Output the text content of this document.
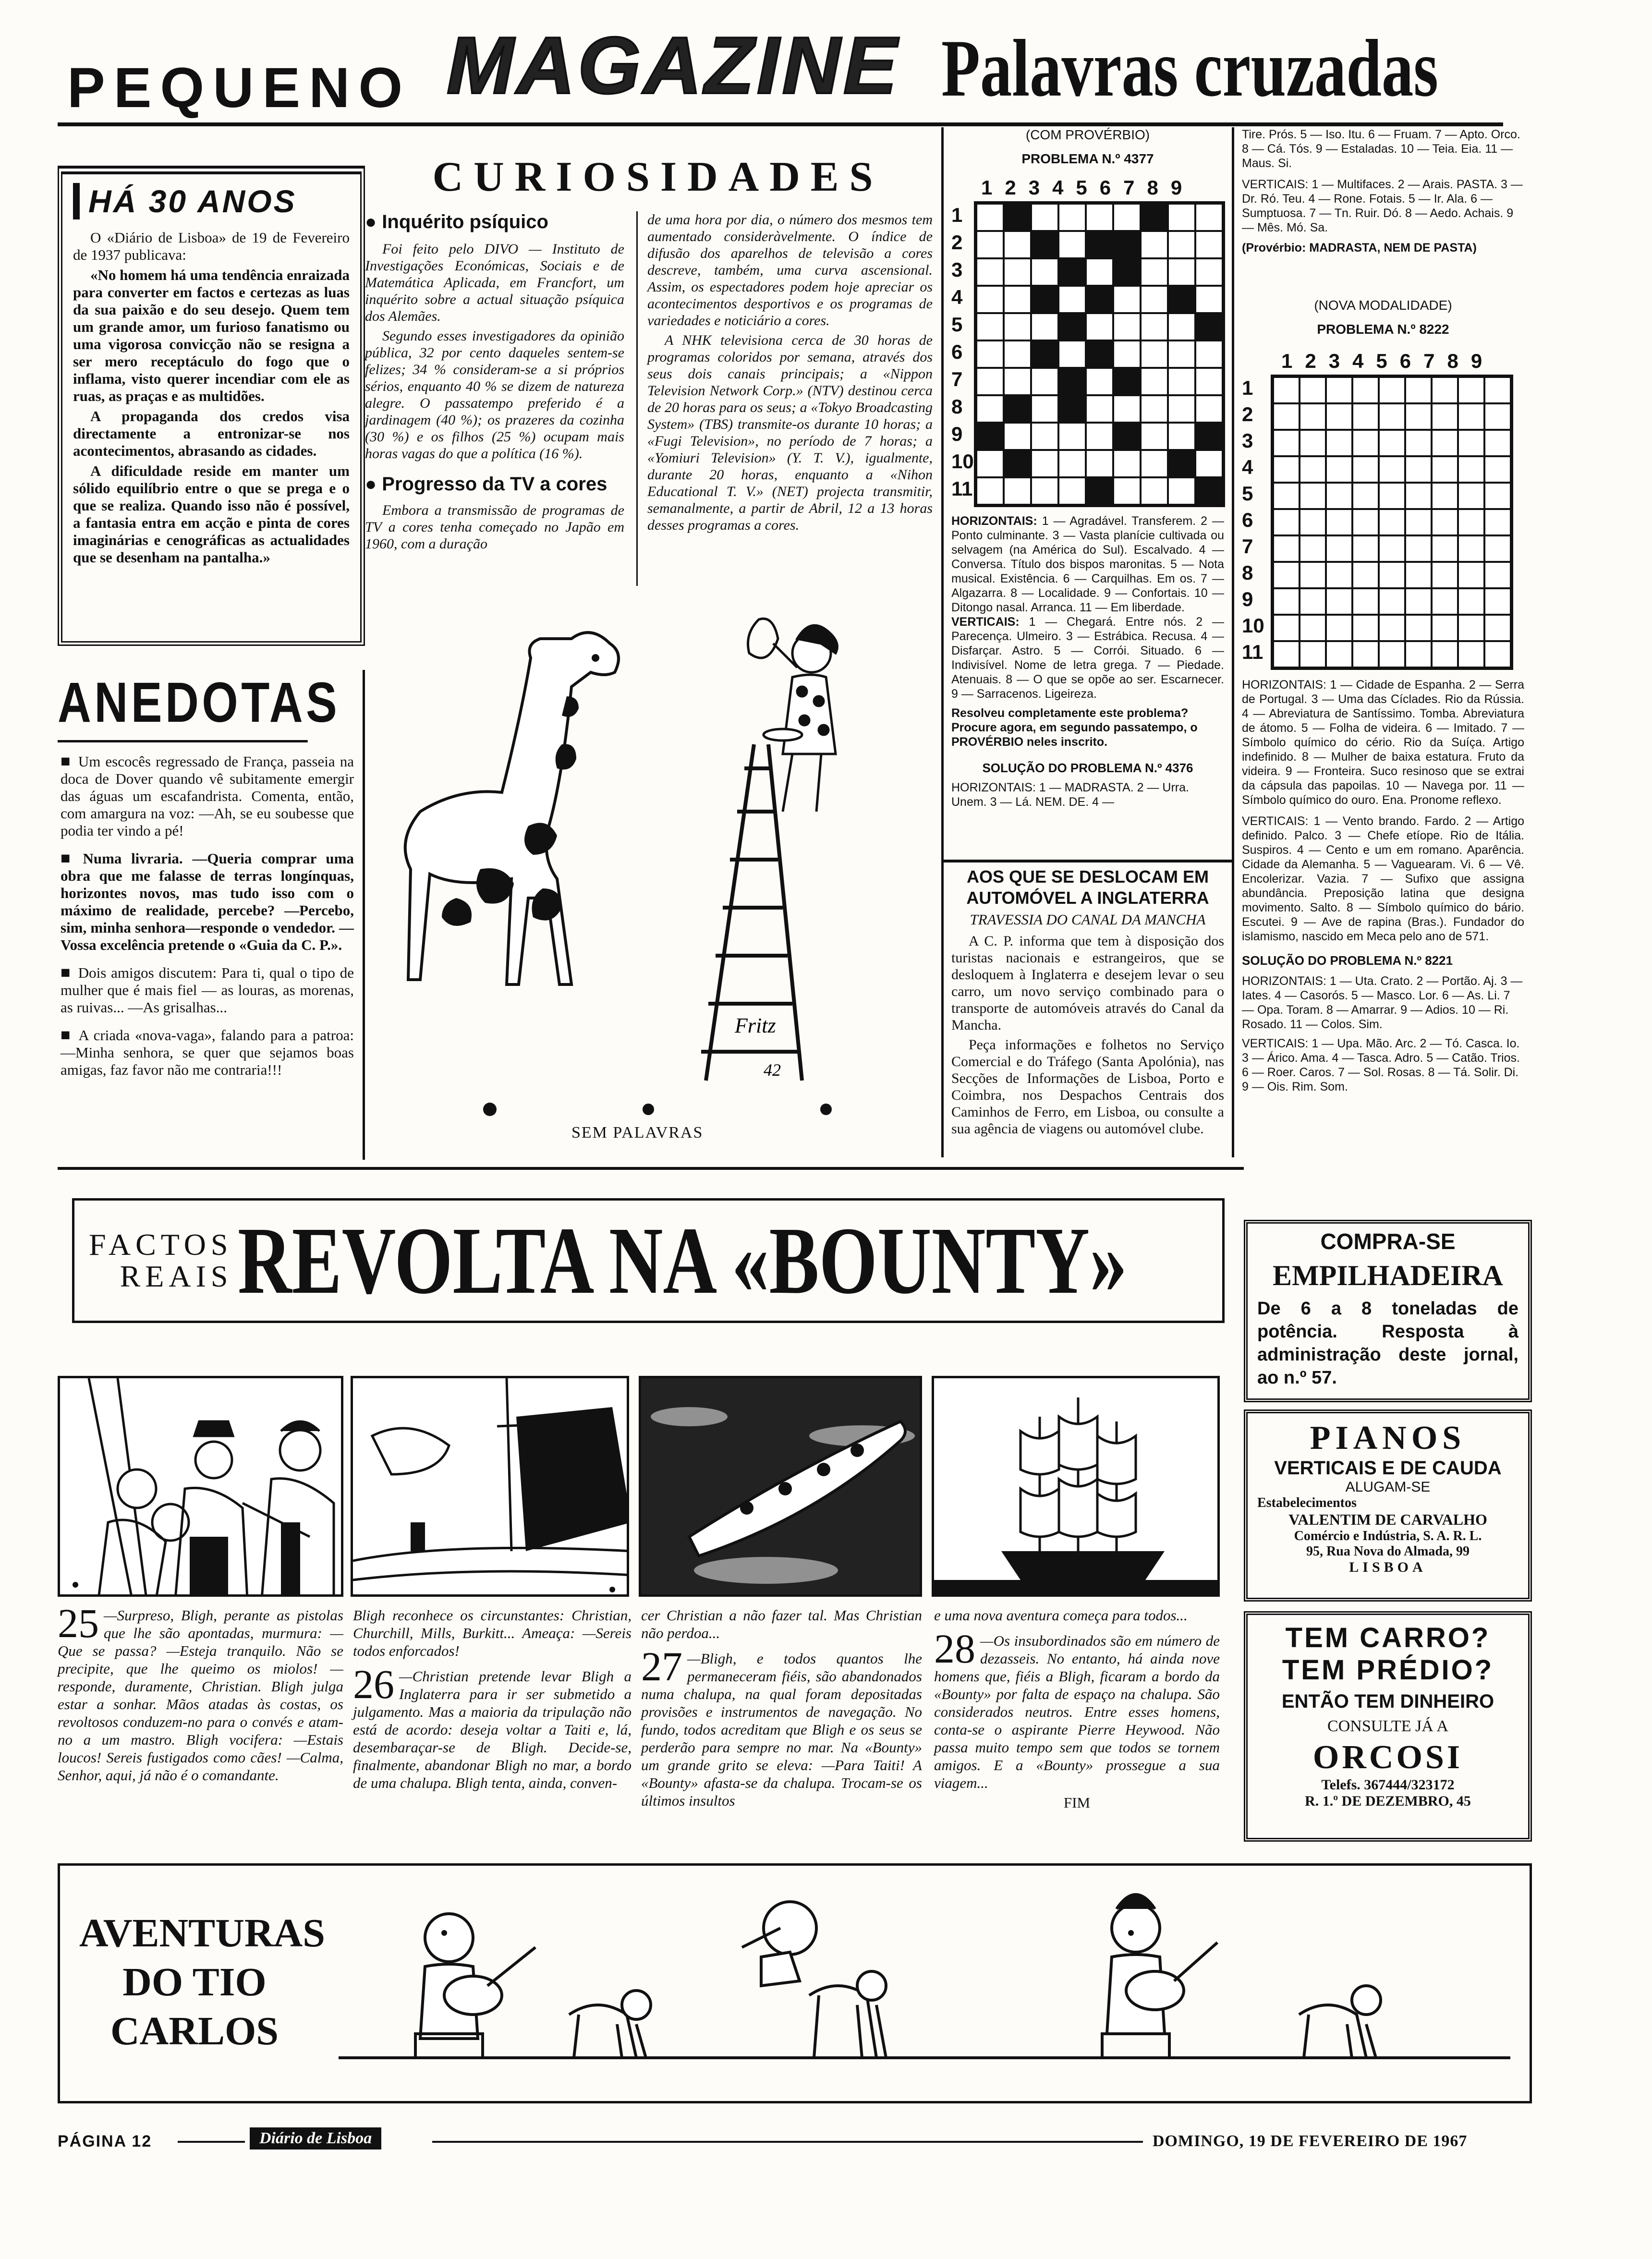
PEQUENO MAGAZINE Palavras cruzadas
HÁ 30 ANOS

O «Diário de Lisboa» de 19 de Fevereiro de 1937 publicava:

«No homem há uma tendência enraizada para converter em factos e certezas as luas da sua paixão e do seu desejo. Quem tem um grande amor, um furioso fanatismo ou uma vigorosa convicção não se resigna a ser mero receptáculo do fogo que o inflama, visto querer incendiar com ele as ruas, as praças e as multidões.

A propaganda dos credos visa directamente a entronizar-se nos acontecimentos, abrasando as cidades.

A dificuldade reside em manter um sólido equilíbrio entre o que se prega e o que se realiza. Quando isso não é possível, a fantasia entra em acção e pinta de cores imaginárias e cenográficas as actualidades que se desenham na pantalha.»

ANEDOTAS

■ Um escocês regressado de França, passeia na doca de Dover quando vê subitamente emergir das águas um escafandrista. Comenta, então, com amargura na voz: —Ah, se eu soubesse que podia ter vindo a pé!

■ Numa livraria. —Queria comprar uma obra que me falasse de terras longínquas, horizontes novos, mas tudo isso com o máximo de realidade, percebe? —Percebo, sim, minha senhora—responde o vendedor. — Vossa excelência pretende o «Guia da C. P.».

■ Dois amigos discutem: Para ti, qual o tipo de mulher que é mais fiel — as louras, as morenas, as ruivas... —As grisalhas...

■ A criada «nova-vaga», falando para a patroa: —Minha senhora, se quer que sejamos boas amigas, faz favor não me contraria!!!

CURIOSIDADES
● Inquérito psíquico

Foi feito pelo DIVO — Instituto de Investigações Económicas, Sociais e de Matemática Aplicada, em Francfort, um inquérito sobre a actual situação psíquica dos Alemães.

Segundo esses investigadores da opinião pública, 32 por cento daqueles sentem-se felizes; 34 % consideram-se a si próprios sérios, enquanto 40 % se dizem de natureza alegre. O passatempo preferido é a jardinagem (40 %); os prazeres da cozinha (30 %) e os filhos (25 %) ocupam mais horas vagas do que a política (16 %).

● Progresso da TV a cores

Embora a transmissão de programas de TV a cores tenha começado no Japão em 1960, com a duração

de uma hora por dia, o número dos mesmos tem aumentado consideràvelmente. O índice de difusão dos aparelhos de televisão a cores descreve, também, uma curva ascensional. Assim, os espectadores podem hoje apreciar os acontecimentos desportivos e os programas de variedades e noticiário a cores.

A NHK televisiona cerca de 30 horas de programas coloridos por semana, através dos seus dois canais principais; a «Nippon Television Network Corp.» (NTV) destinou cerca de 20 horas para os seus; a «Tokyo Broadcasting System» (TBS) transmite-os durante 10 horas; a «Fugi Television», no período de 7 horas; a «Yomiuri Television» (Y. T. V.), igualmente, durante 20 horas, enquanto a «Nihon Educational T. V.» (NET) projecta transmitir, semanalmente, a partir de Abril, 12 a 13 horas desses programas a cores.

Fritz
42
SEM PALAVRAS
(COM PROVÉRBIO)
PROBLEMA N.º 4377
123456789
1
2
3
4
5
6
7
8
9
10
11
HORIZONTAIS: 1 — Agradável. Transferem. 2 — Ponto culminante. 3 — Vasta planície cultivada ou selvagem (na América do Sul). Escalvado. 4 — Conversa. Título dos bispos maronitas. 5 — Nota musical. Existência. 6 — Carquilhas. Em os. 7 — Algazarra. 8 — Localidade. 9 — Confortais. 10 — Ditongo nasal. Arranca. 11 — Em liberdade.
VERTICAIS: 1 — Chegará. Entre nós. 2 — Parecença. Ulmeiro. 3 — Estrábica. Recusa. 4 — Disfarçar. Astro. 5 — Corrói. Situado. 6 — Indivisível. Nome de letra grega. 7 — Piedade. Atenuais. 8 — O que se opõe ao ser. Escarnecer. 9 — Sarracenos. Ligeireza.
Resolveu completamente este problema? Procure agora, em segundo passatempo, o PROVÉRBIO neles inscrito.
SOLUÇÃO DO PROBLEMA N.º 4376
HORIZONTAIS: 1 — MADRASTA. 2 — Urra. Unem. 3 — Lá. NEM. DE. 4 —
Tire. Prós. 5 — Iso. Itu. 6 — Fruam. 7 — Apto. Orco. 8 — Cá. Tós. 9 — Estaladas. 10 — Teia. Eia. 11 — Maus. Si.
VERTICAIS: 1 — Multifaces. 2 — Arais. PASTA. 3 — Dr. Ró. Teu. 4 — Rone. Fotais. 5 — Ir. Ala. 6 — Sumptuosa. 7 — Tn. Ruir. Dó. 8 — Aedo. Achais. 9 — Mês. Mó. Sa.
(Provérbio: MADRASTA, NEM DE PASTA)
(NOVA MODALIDADE)
PROBLEMA N.º 8222
123456789
1
2
3
4
5
6
7
8
9
10
11
HORIZONTAIS: 1 — Cidade de Espanha. 2 — Serra de Portugal. 3 — Uma das Cíclades. Rio da Rússia. 4 — Abreviatura de Santíssimo. Tomba. Abreviatura de átomo. 5 — Folha de videira. 6 — Imitado. 7 — Símbolo químico do cério. Rio da Suíça. Artigo indefinido. 8 — Mulher de baixa estatura. Fruto da videira. 9 — Fronteira. Suco resinoso que se extrai da cápsula das papoilas. 10 — Navega por. 11 — Símbolo químico do ouro. Ena. Pronome reflexo.
VERTICAIS: 1 — Vento brando. Fardo. 2 — Artigo definido. Palco. 3 — Chefe etíope. Rio de Itália. Suspiros. 4 — Cento e um em romano. Aparência. Cidade da Alemanha. 5 — Vaguearam. Vi. 6 — Vê. Encolerizar. Vazia. 7 — Sufixo que assigna abundância. Preposição latina que designa movimento. Salto. 8 — Símbolo químico do bário. Escutei. 9 — Ave de rapina (Bras.). Fundador do islamismo, nascido em Meca pelo ano de 571.
SOLUÇÃO DO PROBLEMA N.º 8221
HORIZONTAIS: 1 — Uta. Crato. 2 — Portão. Aj. 3 — Iates. 4 — Casorós. 5 — Masco. Lor. 6 — As. Li. 7 — Opa. Toram. 8 — Amarrar. 9 — Adios. 10 — Ri. Rosado. 11 — Colos. Sim.
VERTICAIS: 1 — Upa. Mão. Arc. 2 — Tó. Casca. Io. 3 — Árico. Ama. 4 — Tasca. Adro. 5 — Catão. Trios. 6 — Roer. Caros. 7 — Sol. Rosas. 8 — Tá. Solir. Di. 9 — Ois. Rim. Som.
AOS QUE SE DESLOCAM EM AUTOMÓVEL A INGLATERRA
TRAVESSIA DO CANAL DA MANCHA

A C. P. informa que tem à disposição dos turistas nacionais e estrangeiros, que se desloquem à Inglaterra e desejem levar o seu carro, um novo serviço combinado para o transporte de automóveis através do Canal da Mancha.

Peça informações e folhetos no Serviço Comercial e do Tráfego (Santa Apolónia), nas Secções de Informações de Lisboa, Porto e Coimbra, nos Despachos Centrais dos Caminhos de Ferro, em Lisboa, ou consulte a sua agência de viagens ou automóvel clube.

FACTOS
REAIS REVOLTA NA «BOUNTY»	COMPRA-SE
EMPILHADEIRA
De 6 a 8 toneladas de potência. Resposta à administração deste jornal, ao n.º 57.
PIANOS
VERTICAIS E DE CAUDA
ALUGAM-SE
Estabelecimentos
VALENTIM DE CARVALHO
Comércio e Indústria, S. A. R. L.
95, Rua Nova do Almada, 99
LISBOA
TEM CARRO?
TEM PRÉDIO?
ENTÃO TEM DINHEIRO
CONSULTE JÁ A
ORCOSI
Telefs. 367444/323172
R. 1.º DE DEZEMBRO, 45
25 —Surpreso, Bligh, perante as pistolas que lhe são apontadas, murmura: —Que se passa? —Esteja tranquilo. Não se precipite, que lhe queimo os miolos! — responde, duramente, Christian. Bligh julga estar a sonhar. Mãos atadas às costas, os revoltosos conduzem-no para o convés e atam-no a um mastro. Bligh vocifera: —Estais loucos! Sereis fustigados como cães! —Calma, Senhor, aqui, já não é o comandante.
Bligh reconhece os circunstantes: Christian, Churchill, Mills, Burkitt... Ameaça: —Sereis todos enforcados!
26 —Christian pretende levar Bligh a Inglaterra para ir ser submetido a julgamento. Mas a maioria da tripulação não está de acordo: deseja voltar a Taiti e, lá, desembaraçar-se de Bligh. Decide-se, finalmente, abandonar Bligh no mar, a bordo de uma chalupa. Bligh tenta, ainda, conven-
cer Christian a não fazer tal. Mas Christian não perdoa...
27 —Bligh, e todos quantos lhe permaneceram fiéis, são abandonados numa chalupa, na qual foram depositadas provisões e instrumentos de navegação. No fundo, todos acreditam que Bligh e os seus se perderão para sempre no mar. Na «Bounty» um grande grito se eleva: —Para Taiti! A «Bounty» afasta-se da chalupa. Trocam-se os últimos insultos
e uma nova aventura começa para todos...
28 —Os insubordinados são em número de dezasseis. No entanto, há ainda nove homens que, fiéis a Bligh, ficaram a bordo da «Bounty» por falta de espaço na chalupa. São considerados neutros. Entre esses homens, conta-se o aspirante Pierre Heywood. Não passa muito tempo sem que todos se tornem amigos. E a «Bounty» prossegue a sua viagem...
FIM
AVENTURAS
DO TIO
CARLOS
PÁGINA 12	Diário de Lisboa	DOMINGO, 19 DE FEVEREIRO DE 1967
